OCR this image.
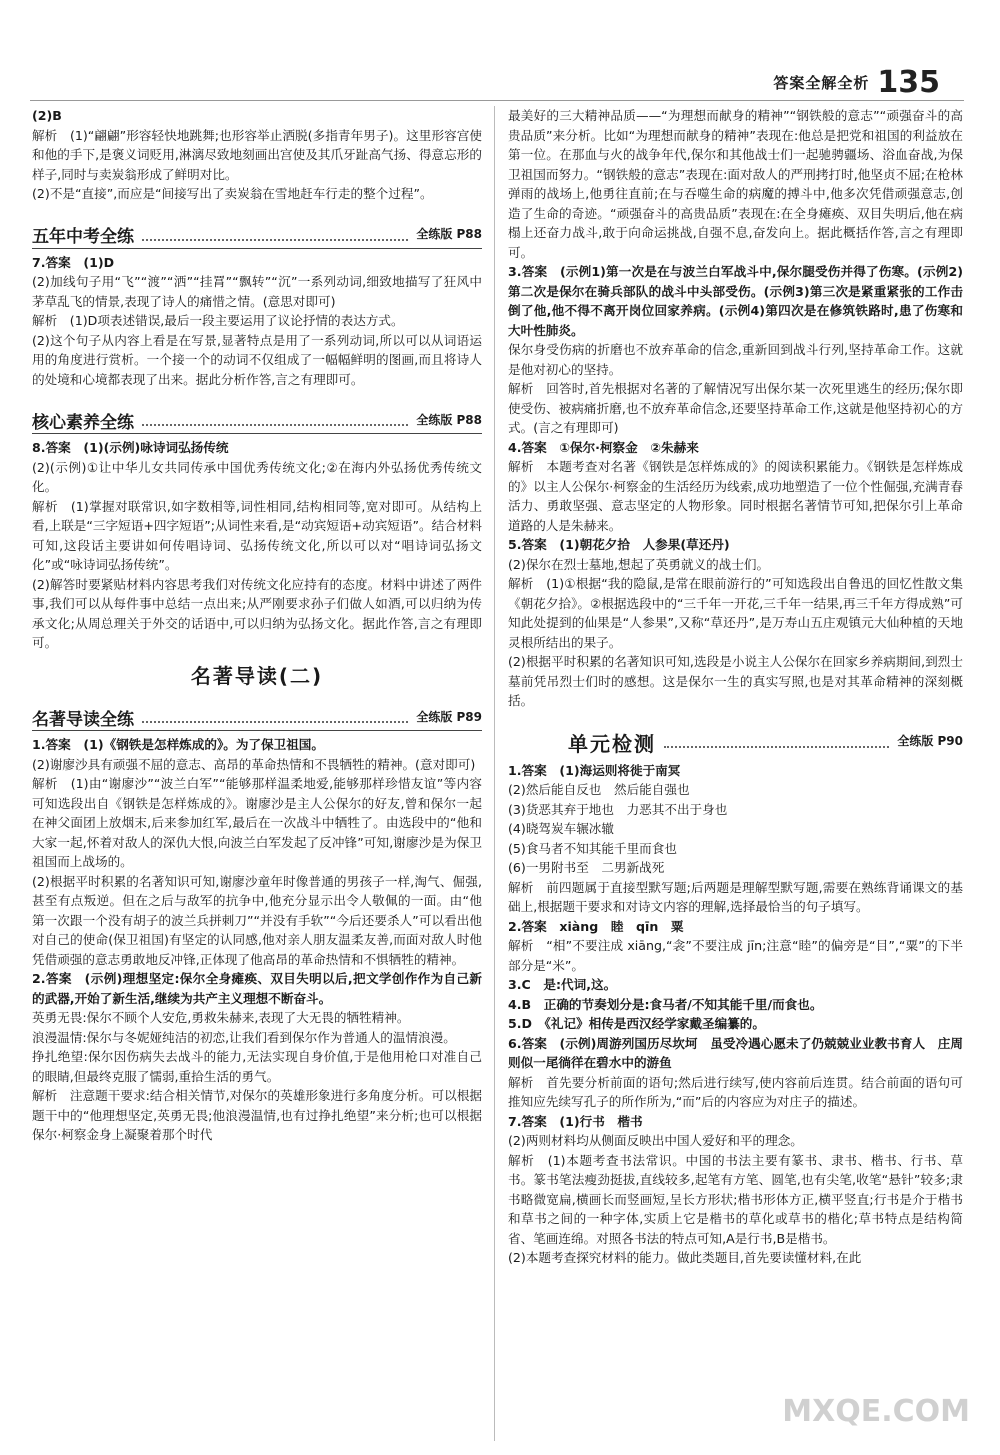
答案全解全析 135

(2)B

解析　(1)“翩翩”形容轻快地跳舞;也形容举止洒脱(多指青年男子)。这里形容宫使和他的手下,是褒义词贬用,淋漓尽致地刻画出宫使及其爪牙趾高气扬、得意忘形的样子,同时与卖炭翁形成了鲜明对比。

(2)不是“直接”,而应是“间接写出了卖炭翁在雪地赶车行走的整个过程”。

五年中考全练	全练版 P88

7.答案　(1)D

(2)加线句子用“飞”“渡”“洒”“挂罥”“飘转”“沉”一系列动词,细致地描写了狂风中茅草乱飞的情景,表现了诗人的痛惜之情。(意思对即可)

解析　(1)D项表述错误,最后一段主要运用了议论抒情的表达方式。

(2)这个句子从内容上看是在写景,显著特点是用了一系列动词,所以可以从词语运用的角度进行赏析。一个接一个的动词不仅组成了一幅幅鲜明的图画,而且将诗人的处境和心境都表现了出来。据此分析作答,言之有理即可。

核心素养全练	全练版 P88

8.答案　(1)(示例)咏诗词弘扬传统

(2)(示例)①让中华儿女共同传承中国优秀传统文化;②在海内外弘扬优秀传统文化。

解析　(1)掌握对联常识,如字数相等,词性相同,结构相同等,宽对即可。从结构上看,上联是“三字短语+四字短语”;从词性来看,是“动宾短语+动宾短语”。结合材料可知,这段话主要讲如何传唱诗词、弘扬传统文化,所以可以对“唱诗词弘扬文化”或“咏诗词弘扬传统”。

(2)解答时要紧贴材料内容思考我们对传统文化应持有的态度。材料中讲述了两件事,我们可以从每件事中总结一点出来;从严刚要求孙子们做人如酒,可以归纳为传承文化;从周总理关于外交的话语中,可以归纳为弘扬文化。据此作答,言之有理即可。

名著导读(二)
名著导读全练	全练版 P89

1.答案　(1)《钢铁是怎样炼成的》。为了保卫祖国。

(2)谢廖沙具有顽强不屈的意志、高昂的革命热情和不畏牺牲的精神。(意对即可)

解析　(1)由“谢廖沙”“波兰白军”“能够那样温柔地爱,能够那样珍惜友谊”等内容可知选段出自《钢铁是怎样炼成的》。谢廖沙是主人公保尔的好友,曾和保尔一起在神父面团上放烟末,后来参加红军,最后在一次战斗中牺牲了。由选段中的“他和大家一起,怀着对敌人的深仇大恨,向波兰白军发起了反冲锋”可知,谢廖沙是为保卫祖国而上战场的。

(2)根据平时积累的名著知识可知,谢廖沙童年时像普通的男孩子一样,淘气、倔强,甚至有点叛逆。但在之后与敌军的抗争中,他充分显示出令人敬佩的一面。由“他第一次跟一个没有胡子的波兰兵拼刺刀”“并没有手软”“今后还要杀人”可以看出他对自己的使命(保卫祖国)有坚定的认同感,他对亲人朋友温柔友善,而面对敌人时他凭借顽强的意志勇敢地反冲锋,正体现了他高昂的革命热情和不惧牺牲的精神。

2.答案　(示例)理想坚定:保尔全身瘫痪、双目失明以后,把文学创作作为自己新的武器,开始了新生活,继续为共产主义理想不断奋斗。

英勇无畏:保尔不顾个人安危,勇救朱赫来,表现了大无畏的牺牲精神。

浪漫温情:保尔与冬妮娅纯洁的初恋,让我们看到保尔作为普通人的温情浪漫。

挣扎绝望:保尔因伤病失去战斗的能力,无法实现自身价值,于是他用枪口对准自己的眼睛,但最终克服了懦弱,重拾生活的勇气。

解析　注意题干要求:结合相关情节,对保尔的英雄形象进行多角度分析。可以根据题干中的“他理想坚定,英勇无畏;他浪漫温情,也有过挣扎绝望”来分析;也可以根据保尔·柯察金身上凝聚着那个时代

最美好的三大精神品质——“为理想而献身的精神”“钢铁般的意志”“顽强奋斗的高贵品质”来分析。比如“为理想而献身的精神”表现在:他总是把党和祖国的利益放在第一位。在那血与火的战争年代,保尔和其他战士们一起驰骋疆场、浴血奋战,为保卫祖国而努力。“钢铁般的意志”表现在:面对敌人的严刑拷打时,他坚贞不屈;在枪林弹雨的战场上,他勇往直前;在与吞噬生命的病魔的搏斗中,他多次凭借顽强意志,创造了生命的奇迹。“顽强奋斗的高贵品质”表现在:在全身瘫痪、双目失明后,他在病榻上还奋力战斗,敢于向命运挑战,自强不息,奋发向上。据此概括作答,言之有理即可。

3.答案　(示例1)第一次是在与波兰白军战斗中,保尔腿受伤并得了伤寒。(示例2)第二次是保尔在骑兵部队的战斗中头部受伤。(示例3)第三次是紧重紧张的工作击倒了他,他不得不离开岗位回家养病。(示例4)第四次是在修筑铁路时,患了伤寒和大叶性肺炎。

保尔身受伤病的折磨也不放弃革命的信念,重新回到战斗行列,坚持革命工作。这就是他对初心的坚持。

解析　回答时,首先根据对名著的了解情况写出保尔某一次死里逃生的经历;保尔即使受伤、被病痛折磨,也不放弃革命信念,还要坚持革命工作,这就是他坚持初心的方式。(言之有理即可)

4.答案　①保尔·柯察金　②朱赫来

解析　本题考查对名著《钢铁是怎样炼成的》的阅读积累能力。《钢铁是怎样炼成的》以主人公保尔·柯察金的生活经历为线索,成功地塑造了一位个性倔强,充满青春活力、勇敢坚强、意志坚定的人物形象。同时根据名著情节可知,把保尔引上革命道路的人是朱赫来。

5.答案　(1)朝花夕拾　人参果(草还丹)

(2)保尔在烈士墓地,想起了英勇就义的战士们。

解析　(1)①根据“我的隐鼠,是常在眼前游行的”可知选段出自鲁迅的回忆性散文集《朝花夕拾》。②根据选段中的“三千年一开花,三千年一结果,再三千年方得成熟”可知此处提到的仙果是“人参果”,又称“草还丹”,是万寿山五庄观镇元大仙种植的天地灵根所结出的果子。

(2)根据平时积累的名著知识可知,选段是小说主人公保尔在回家乡养病期间,到烈士墓前凭吊烈士们时的感想。这是保尔一生的真实写照,也是对其革命精神的深刻概括。

单元检测	全练版 P90

1.答案　(1)海运则将徙于南冥

(2)然后能自反也　然后能自强也

(3)货恶其弃于地也　力恶其不出于身也

(4)晓驾炭车辗冰辙

(5)食马者不知其能千里而食也

(6)一男附书至　二男新战死

解析　前四题属于直接型默写题;后两题是理解型默写题,需要在熟练背诵课文的基础上,根据题干要求和对诗文内容的理解,选择最恰当的句子填写。

2.答案　xiàng　睦　qīn　粟

解析　“相”不要注成 xiāng,“衾”不要注成 jīn;注意“睦”的偏旁是“目”,“粟”的下半部分是“米”。

3.C　是:代词,这。

4.B　正确的节奏划分是:食马者/不知其能千里/而食也。

5.D　《礼记》相传是西汉经学家戴圣编纂的。

6.答案　(示例)周游列国历尽坎坷　虽受冷遇心愿未了仍兢兢业业教书育人　庄周则似一尾徜徉在碧水中的游鱼

解析　首先要分析前面的语句;然后进行续写,使内容前后连贯。结合前面的语句可推知应先续写孔子的所作所为,“而”后的内容应为对庄子的描述。

7.答案　(1)行书　楷书

(2)两则材料均从侧面反映出中国人爱好和平的理念。

解析　(1)本题考查书法常识。中国的书法主要有篆书、隶书、楷书、行书、草书。篆书笔法瘦劲挺拔,直线较多,起笔有方笔、圆笔,也有尖笔,收笔“悬针”较多;隶书略微宽扁,横画长而竖画短,呈长方形状;楷书形体方正,横平竖直;行书是介于楷书和草书之间的一种字体,实质上它是楷书的草化或草书的楷化;草书特点是结构简省、笔画连绵。对照各书法的特点可知,A是行书,B是楷书。

(2)本题考查探究材料的能力。做此类题目,首先要读懂材料,在此

MXQE.COM
